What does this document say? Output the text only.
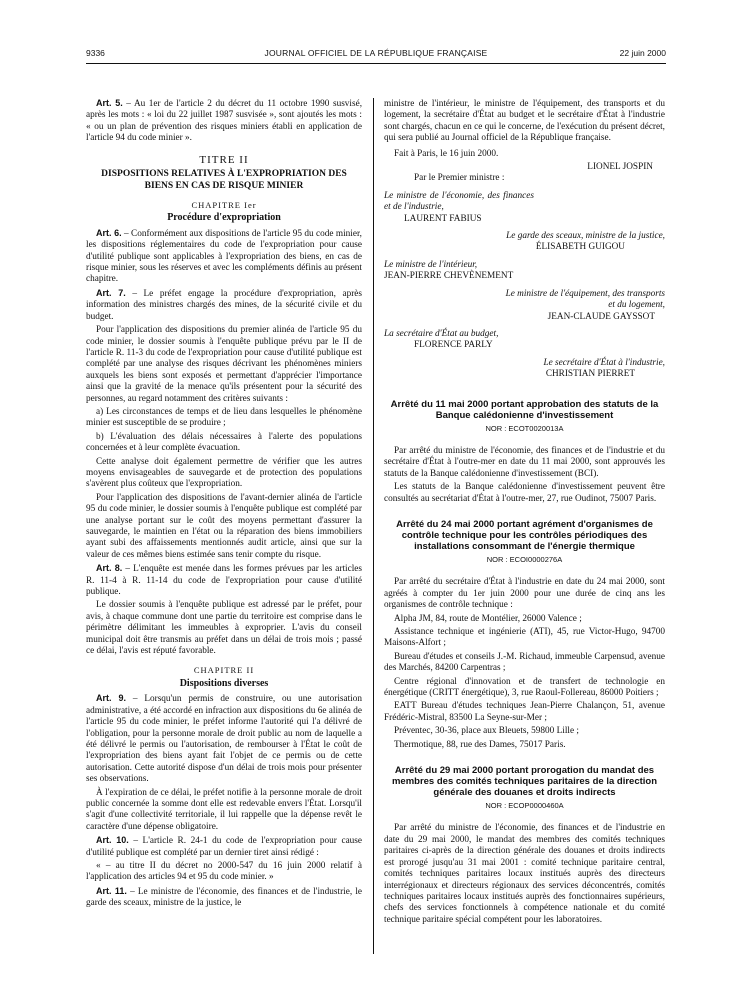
9336	JOURNAL OFFICIEL DE LA RÉPUBLIQUE FRANÇAISE	22 juin 2000

Art. 5. – Au 1er de l'article 2 du décret du 11 octobre 1990 susvisé, après les mots : « loi du 22 juillet 1987 susvisée », sont ajoutés les mots : « ou un plan de prévention des risques miniers établi en application de l'article 94 du code minier ».

TITRE II

DISPOSITIONS RELATIVES À L'EXPROPRIATION DES BIENS EN CAS DE RISQUE MINIER

CHAPITRE Ier

Procédure d'expropriation

Art. 6. – Conformément aux dispositions de l'article 95 du code minier, les dispositions réglementaires du code de l'expropriation pour cause d'utilité publique sont applicables à l'expropriation des biens, en cas de risque minier, sous les réserves et avec les compléments définis au présent chapitre.

Art. 7. – Le préfet engage la procédure d'expropriation, après information des ministres chargés des mines, de la sécurité civile et du budget.

Pour l'application des dispositions du premier alinéa de l'article 95 du code minier, le dossier soumis à l'enquête publique prévu par le II de l'article R. 11-3 du code de l'expropriation pour cause d'utilité publique est complété par une analyse des risques décrivant les phénomènes miniers auxquels les biens sont exposés et permettant d'apprécier l'importance ainsi que la gravité de la menace qu'ils présentent pour la sécurité des personnes, au regard notamment des critères suivants :

a) Les circonstances de temps et de lieu dans lesquelles le phénomène minier est susceptible de se produire ;

b) L'évaluation des délais nécessaires à l'alerte des populations concernées et à leur complète évacuation.

Cette analyse doit également permettre de vérifier que les autres moyens envisageables de sauvegarde et de protection des populations s'avèrent plus coûteux que l'expropriation.

Pour l'application des dispositions de l'avant-dernier alinéa de l'article 95 du code minier, le dossier soumis à l'enquête publique est complété par une analyse portant sur le coût des moyens permettant d'assurer la sauvegarde, le maintien en l'état ou la réparation des biens immobiliers ayant subi des affaissements mentionnés audit article, ainsi que sur la valeur de ces mêmes biens estimée sans tenir compte du risque.

Art. 8. – L'enquête est menée dans les formes prévues par les articles R. 11-4 à R. 11-14 du code de l'expropriation pour cause d'utilité publique.

Le dossier soumis à l'enquête publique est adressé par le préfet, pour avis, à chaque commune dont une partie du territoire est comprise dans le périmètre délimitant les immeubles à exproprier. L'avis du conseil municipal doit être transmis au préfet dans un délai de trois mois ; passé ce délai, l'avis est réputé favorable.

CHAPITRE II

Dispositions diverses

Art. 9. – Lorsqu'un permis de construire, ou une autorisation administrative, a été accordé en infraction aux dispositions du 6e alinéa de l'article 95 du code minier, le préfet informe l'autorité qui l'a délivré de l'obligation, pour la personne morale de droit public au nom de laquelle a été délivré le permis ou l'autorisation, de rembourser à l'État le coût de l'expropriation des biens ayant fait l'objet de ce permis ou de cette autorisation. Cette autorité dispose d'un délai de trois mois pour présenter ses observations.

À l'expiration de ce délai, le préfet notifie à la personne morale de droit public concernée la somme dont elle est redevable envers l'État. Lorsqu'il s'agit d'une collectivité territoriale, il lui rappelle que la dépense revêt le caractère d'une dépense obligatoire.

Art. 10. – L'article R. 24-1 du code de l'expropriation pour cause d'utilité publique est complété par un dernier tiret ainsi rédigé :

« – au titre II du décret no 2000-547 du 16 juin 2000 relatif à l'application des articles 94 et 95 du code minier. »

Art. 11. – Le ministre de l'économie, des finances et de l'industrie, le garde des sceaux, ministre de la justice, le

ministre de l'intérieur, le ministre de l'équipement, des transports et du logement, la secrétaire d'État au budget et le secrétaire d'État à l'industrie sont chargés, chacun en ce qui le concerne, de l'exécution du présent décret, qui sera publié au Journal officiel de la République française.

Fait à Paris, le 16 juin 2000.

LIONEL JOSPIN

Par le Premier ministre :

Le ministre de l'économie, des finances et de l'industrie,

LAURENT FABIUS

Le garde des sceaux, ministre de la justice,

ÉLISABETH GUIGOU

Le ministre de l'intérieur,

JEAN-PIERRE CHEVÈNEMENT

Le ministre de l'équipement, des transports et du logement,

JEAN-CLAUDE GAYSSOT

La secrétaire d'État au budget,

FLORENCE PARLY

Le secrétaire d'État à l'industrie,

CHRISTIAN PIERRET

Arrêté du 11 mai 2000 portant approbation des statuts de la Banque calédonienne d'investissement

NOR : ECOT0020013A

Par arrêté du ministre de l'économie, des finances et de l'industrie et du secrétaire d'État à l'outre-mer en date du 11 mai 2000, sont approuvés les statuts de la Banque calédonienne d'investissement (BCI).

Les statuts de la Banque calédonienne d'investissement peuvent être consultés au secrétariat d'État à l'outre-mer, 27, rue Oudinot, 75007 Paris.

Arrêté du 24 mai 2000 portant agrément d'organismes de contrôle technique pour les contrôles périodiques des installations consommant de l'énergie thermique

NOR : ECOI0000276A

Par arrêté du secrétaire d'État à l'industrie en date du 24 mai 2000, sont agréés à compter du 1er juin 2000 pour une durée de cinq ans les organismes de contrôle technique :

Alpha JM, 84, route de Montélier, 26000 Valence ;

Assistance technique et ingénierie (ATI), 45, rue Victor-Hugo, 94700 Maisons-Alfort ;

Bureau d'études et conseils J.-M. Richaud, immeuble Carpensud, avenue des Marchés, 84200 Carpentras ;

Centre régional d'innovation et de transfert de technologie en énergétique (CRITT énergétique), 3, rue Raoul-Follereau, 86000 Poitiers ;

EATT Bureau d'études techniques Jean-Pierre Chalançon, 51, avenue Frédéric-Mistral, 83500 La Seyne-sur-Mer ;

Préventec, 30-36, place aux Bleuets, 59800 Lille ;

Thermotique, 88, rue des Dames, 75017 Paris.

Arrêté du 29 mai 2000 portant prorogation du mandat des membres des comités techniques paritaires de la direction générale des douanes et droits indirects

NOR : ECOP0000460A

Par arrêté du ministre de l'économie, des finances et de l'industrie en date du 29 mai 2000, le mandat des membres des comités techniques paritaires ci-après de la direction générale des douanes et droits indirects est prorogé jusqu'au 31 mai 2001 : comité technique paritaire central, comités techniques paritaires locaux institués auprès des directeurs interrégionaux et directeurs régionaux des services déconcentrés, comités techniques paritaires locaux institués auprès des fonctionnaires supérieurs, chefs des services fonctionnels à compétence nationale et du comité technique paritaire spécial compétent pour les laboratoires.
